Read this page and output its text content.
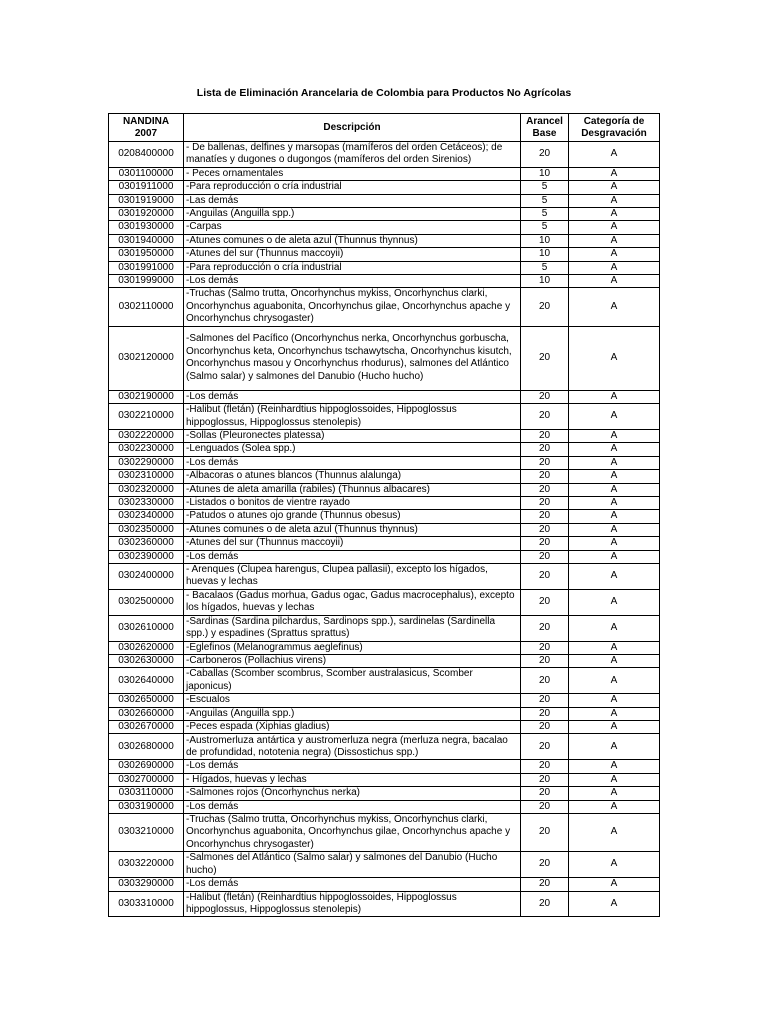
Lista de Eliminación Arancelaria de Colombia para Productos No Agrícolas
NANDINA 2007	Descripción	Arancel Base	Categoría de Desgravación
0208400000	- De ballenas, delfines y marsopas (mamíferos del orden Cetáceos); de manatíes y dugones o dugongos (mamíferos del orden Sirenios)	20	A
0301100000	- Peces ornamentales	10	A
0301911000	-Para reproducción o cría industrial	5	A
0301919000	-Las demás	5	A
0301920000	-Anguilas (Anguilla spp.)	5	A
0301930000	-Carpas	5	A
0301940000	-Atunes comunes o de aleta azul (Thunnus thynnus)	10	A
0301950000	-Atunes del sur (Thunnus maccoyii)	10	A
0301991000	-Para reproducción o cría industrial	5	A
0301999000	-Los demás	10	A
0302110000	-Truchas (Salmo trutta, Oncorhynchus mykiss, Oncorhynchus clarki, Oncorhynchus aguabonita, Oncorhynchus gilae, Oncorhynchus apache y Oncorhynchus chrysogaster)	20	A
0302120000	-Salmones del Pacífico (Oncorhynchus nerka, Oncorhynchus gorbuscha, Oncorhynchus keta, Oncorhynchus tschawytscha, Oncorhynchus kisutch, Oncorhynchus masou y Oncorhynchus rhodurus), salmones del Atlántico (Salmo salar) y salmones del Danubio (Hucho hucho)	20	A
0302190000	-Los demás	20	A
0302210000	-Halibut (fletán) (Reinhardtius hippoglossoides, Hippoglossus hippoglossus, Hippoglossus stenolepis)	20	A
0302220000	-Sollas (Pleuronectes platessa)	20	A
0302230000	-Lenguados (Solea spp.)	20	A
0302290000	-Los demás	20	A
0302310000	-Albacoras o atunes blancos (Thunnus alalunga)	20	A
0302320000	-Atunes de aleta amarilla (rabiles) (Thunnus albacares)	20	A
0302330000	-Listados o bonitos de vientre rayado	20	A
0302340000	-Patudos o atunes ojo grande (Thunnus obesus)	20	A
0302350000	-Atunes comunes o de aleta azul (Thunnus thynnus)	20	A
0302360000	-Atunes del sur (Thunnus maccoyii)	20	A
0302390000	-Los demás	20	A
0302400000	- Arenques (Clupea harengus, Clupea pallasii), excepto los hígados, huevas y lechas	20	A
0302500000	- Bacalaos (Gadus morhua, Gadus ogac, Gadus macrocephalus), excepto los hígados, huevas y lechas	20	A
0302610000	-Sardinas (Sardina pilchardus, Sardinops spp.), sardinelas (Sardinella spp.) y espadines (Sprattus sprattus)	20	A
0302620000	-Eglefinos (Melanogrammus aeglefinus)	20	A
0302630000	-Carboneros (Pollachius virens)	20	A
0302640000	-Caballas (Scomber scombrus, Scomber australasicus, Scomber japonicus)	20	A
0302650000	-Escualos	20	A
0302660000	-Anguilas (Anguilla spp.)	20	A
0302670000	-Peces espada (Xiphias gladius)	20	A
0302680000	-Austromerluza antártica y austromerluza negra (merluza negra, bacalao de profundidad, nototenia negra) (Dissostichus spp.)	20	A
0302690000	-Los demás	20	A
0302700000	- Hígados, huevas y lechas	20	A
0303110000	-Salmones rojos (Oncorhynchus nerka)	20	A
0303190000	-Los demás	20	A
0303210000	-Truchas (Salmo trutta, Oncorhynchus mykiss, Oncorhynchus clarki, Oncorhynchus aguabonita, Oncorhynchus gilae, Oncorhynchus apache y Oncorhynchus chrysogaster)	20	A
0303220000	-Salmones del Atlántico (Salmo salar) y salmones del Danubio (Hucho hucho)	20	A
0303290000	-Los demás	20	A
0303310000	-Halibut (fletán) (Reinhardtius hippoglossoides, Hippoglossus hippoglossus, Hippoglossus stenolepis)	20	A
